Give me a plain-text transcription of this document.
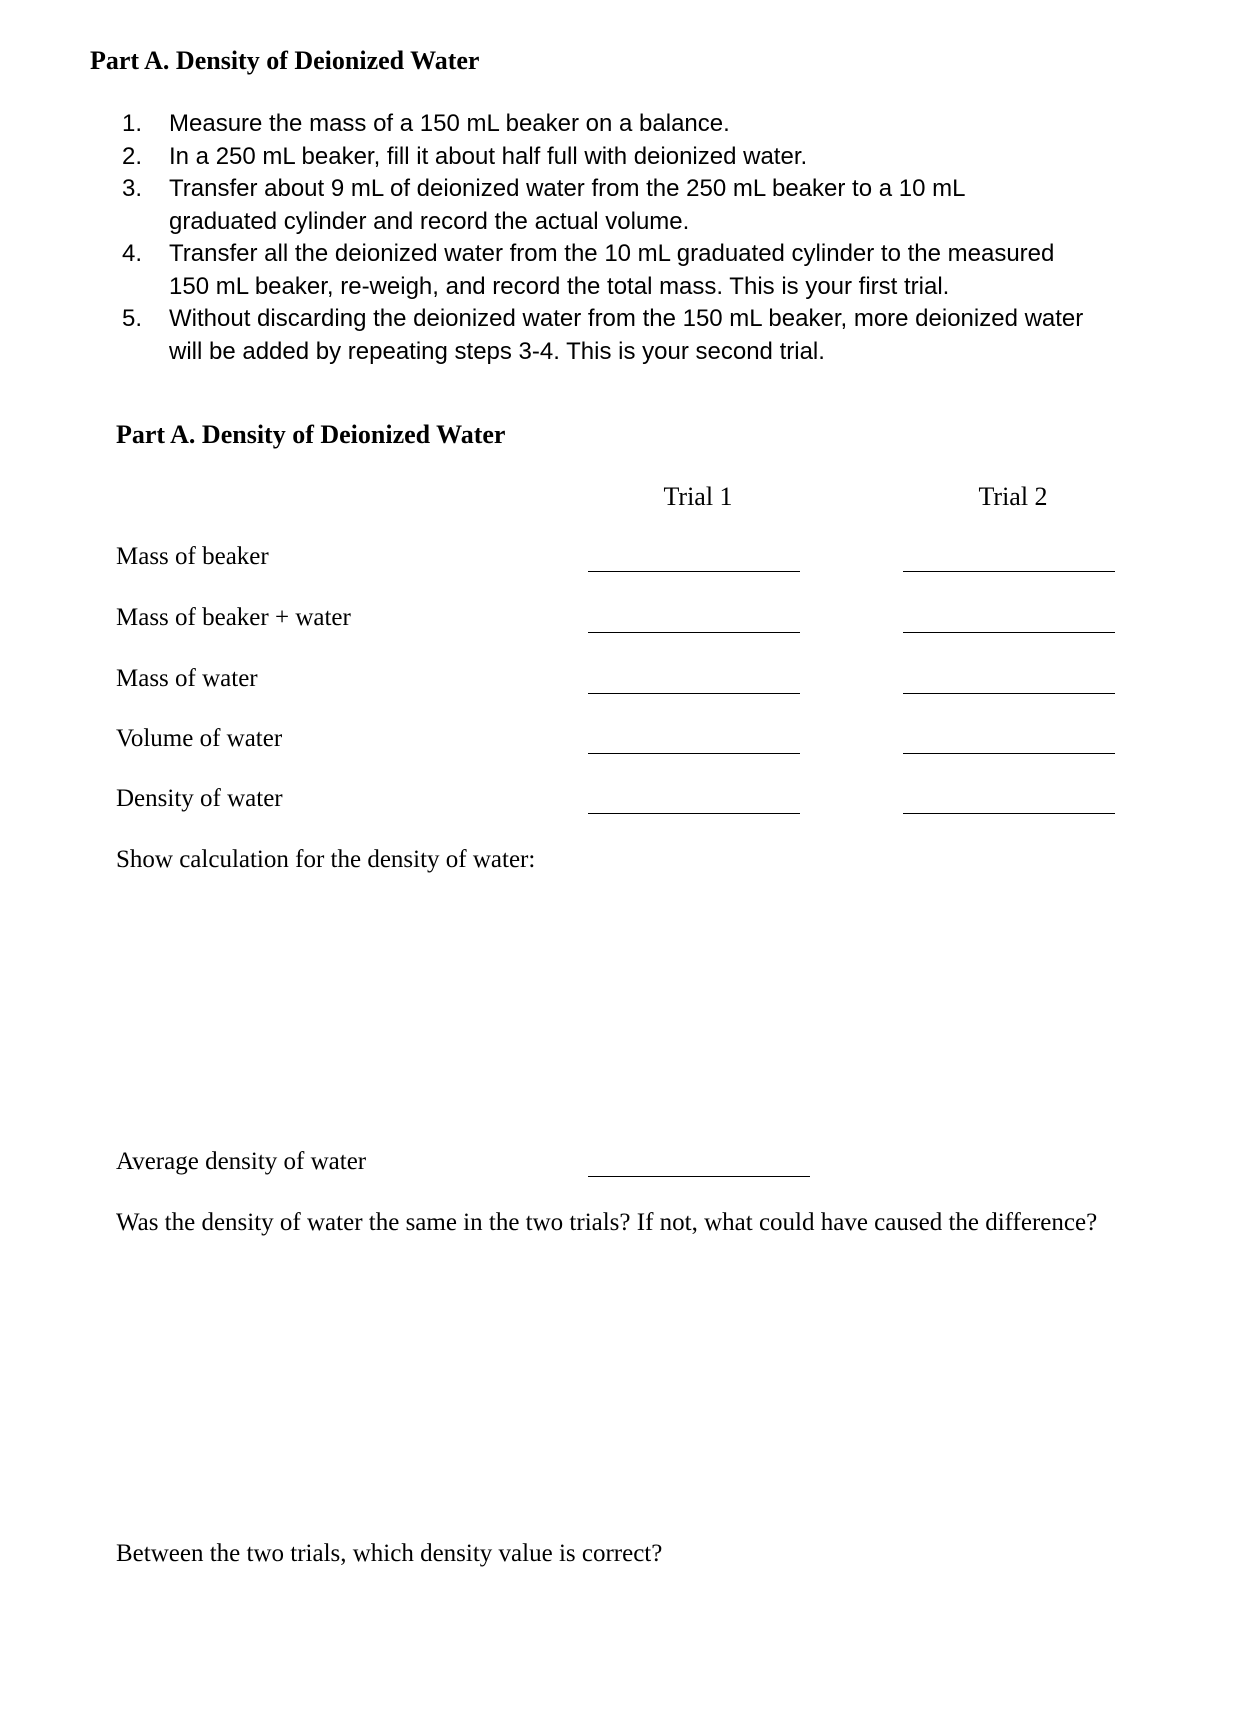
Part A. Density of Deionized Water
1. Measure the mass of a 150 mL beaker on a balance.
2. In a 250 mL beaker, fill it about half full with deionized water.
3. Transfer about 9 mL of deionized water from the 250 mL beaker to a 10 mL graduated cylinder and record the actual volume.
4. Transfer all the deionized water from the 10 mL graduated cylinder to the measured 150 mL beaker, re-weigh, and record the total mass. This is your first trial.
5. Without discarding the deionized water from the 150 mL beaker, more deionized water will be added by repeating steps 3-4. This is your second trial.
Part A. Density of Deionized Water
Trial 1	Trial 2
Mass of beaker
Mass of beaker + water
Mass of water
Volume of water
Density of water
Show calculation for the density of water:
Average density of water
Was the density of water the same in the two trials? If not, what could have caused the difference?
Between the two trials, which density value is correct?
